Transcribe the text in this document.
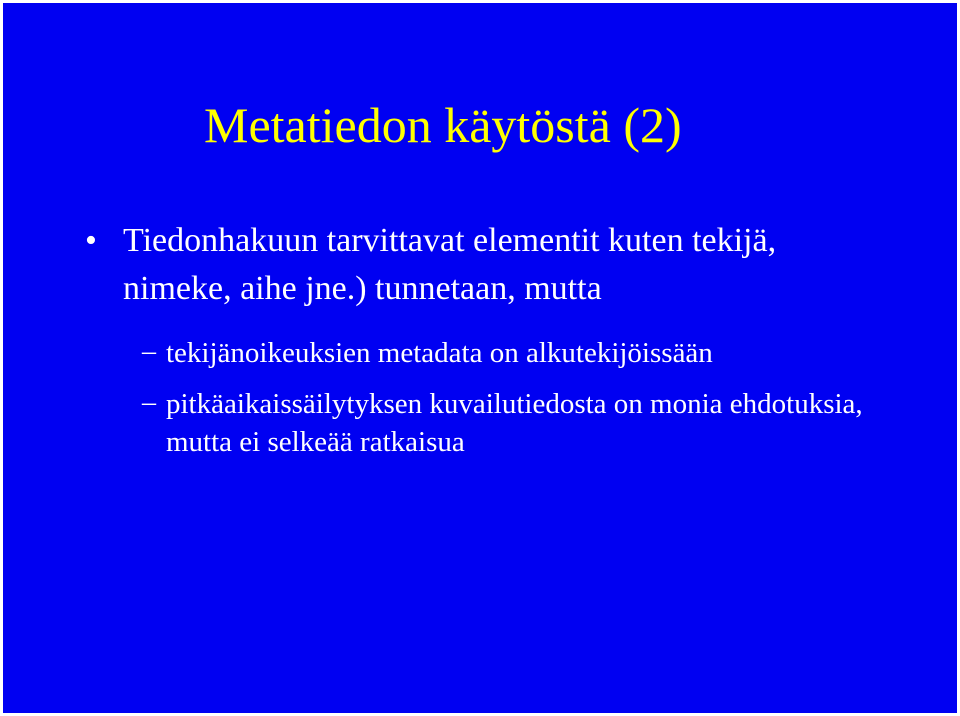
Metatiedon käytöstä (2)
• Tiedonhakuun tarvittavat elementit kuten tekijä, nimeke, aihe jne.) tunnetaan, mutta
– tekijänoikeuksien metadata on alkutekijöissään
– pitkäaikaissäilytyksen kuvailutiedosta on monia ehdotuksia, mutta ei selkeää ratkaisua
